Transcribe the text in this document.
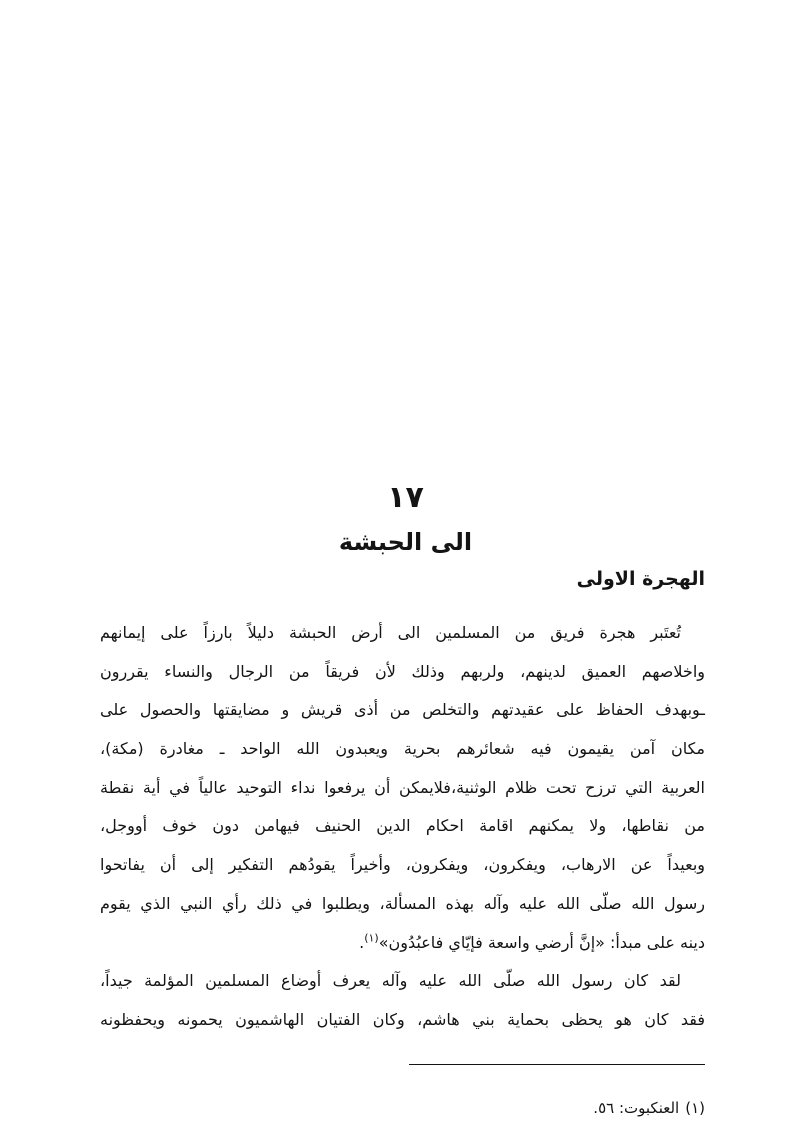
١٧
الى الحبشة
الهجرة الاولى
تُعتَبر هجرة فريق من المسلمين الى أرض الحبشة دليلاً بارزاً على إيمانهم
واخلاصهم العميق لدينهم، ولربهم وذلك لأن فريقاً من الرجال والنساء يقررون
ـوبهدف الحفاظ على عقيدتهم والتخلص من أذى قريش و مضايقتها والحصول على
مكان آمن يقيمون فيه شعائرهم بحرية ويعبدون الله الواحد ـ مغادرة (مكة)،
العربية التي ترزح تحت ظلام الوثنية،فلايمكن أن يرفعوا نداء التوحيد عالياً في أية نقطة
من نقاطها، ولا يمكنهم اقامة احكام الدين الحنيف فيهامن دون خوف أووجل،
وبعيداً عن الارهاب، ويفكرون، ويفكرون، وأخيراً يقودُهم التفكير إلى أن يفاتحوا
رسول الله صلّى الله عليه وآله بهذه المسألة، ويطلبوا في ذلك رأي النبي الذي يقوم
دينه على مبدأ: «إنَّ أرضي واسعة فإيّاي فاعبُدُون»$^{(١)}$.
لقد كان رسول الله صلّى الله عليه وآله يعرف أوضاع المسلمين المؤلمة جيداً،
فقد كان هو يحظى بحماية بني هاشم، وكان الفتيان الهاشميون يحمونه ويحفظونه
(١)العنكبوت: ٥٦.
